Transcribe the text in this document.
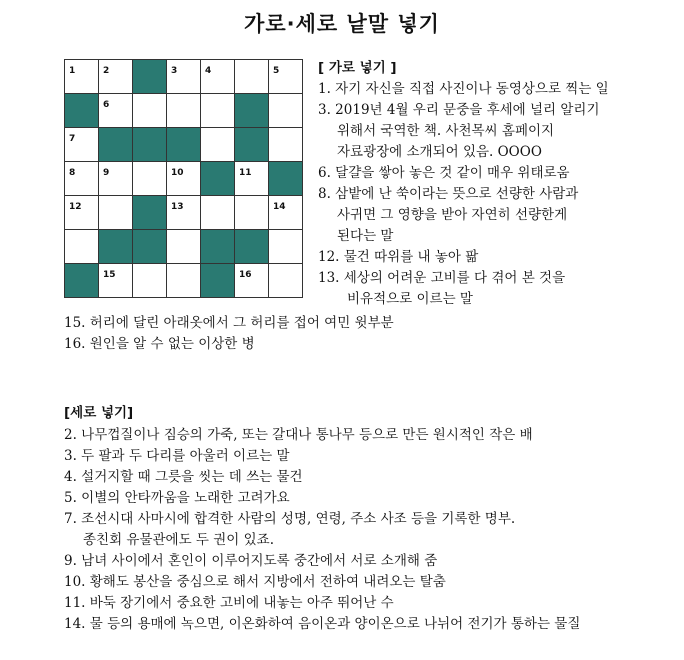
가로·세로 낱말 넣기
1	2	3	4	5
6
7
8	9	10	11
12	13	14
15	16
[ 가로 넣기 ]
1. 자기 자신을 직접 사진이나 동영상으로 찍는 일
3. 2019년 4월 우리 문중을 후세에 널리 알리기
위해서 국역한 책. 사천목씨 홈페이지
자료광장에 소개되어 있음. OOOO
6. 달걀을 쌓아 놓은 것 같이 매우 위태로움
8. 삼밭에 난 쑥이라는 뜻으로 선량한 사람과
사귀면 그 영향을 받아 자연히 선량한게
된다는 말
12. 물건 따위를 내 놓아 팖
13. 세상의 어려운 고비를 다 겪어 본 것을
비유적으로 이르는 말
15. 허리에 달린 아래옷에서 그 허리를 접어 여민 윗부분
16. 원인을 알 수 없는 이상한 병
[세로 넣기]
2. 나무껍질이나 짐승의 가죽, 또는 갈대나 통나무 등으로 만든 원시적인 작은 배
3. 두 팔과 두 다리를 아울러 이르는 말
4. 설거지할 때 그릇을 씻는 데 쓰는 물건
5. 이별의 안타까움을 노래한 고려가요
7. 조선시대 사마시에 합격한 사람의 성명, 연령, 주소 사조 등을 기록한 명부.
종친회 유물관에도 두 권이 있죠.
9. 남녀 사이에서 혼인이 이루어지도록 중간에서 서로 소개해 줌
10. 황해도 봉산을 중심으로 해서 지방에서 전하여 내려오는 탈춤
11. 바둑 장기에서 중요한 고비에 내놓는 아주 뛰어난 수
14. 물 등의 용매에 녹으면, 이온화하여 음이온과 양이온으로 나뉘어 전기가 통하는 물질
